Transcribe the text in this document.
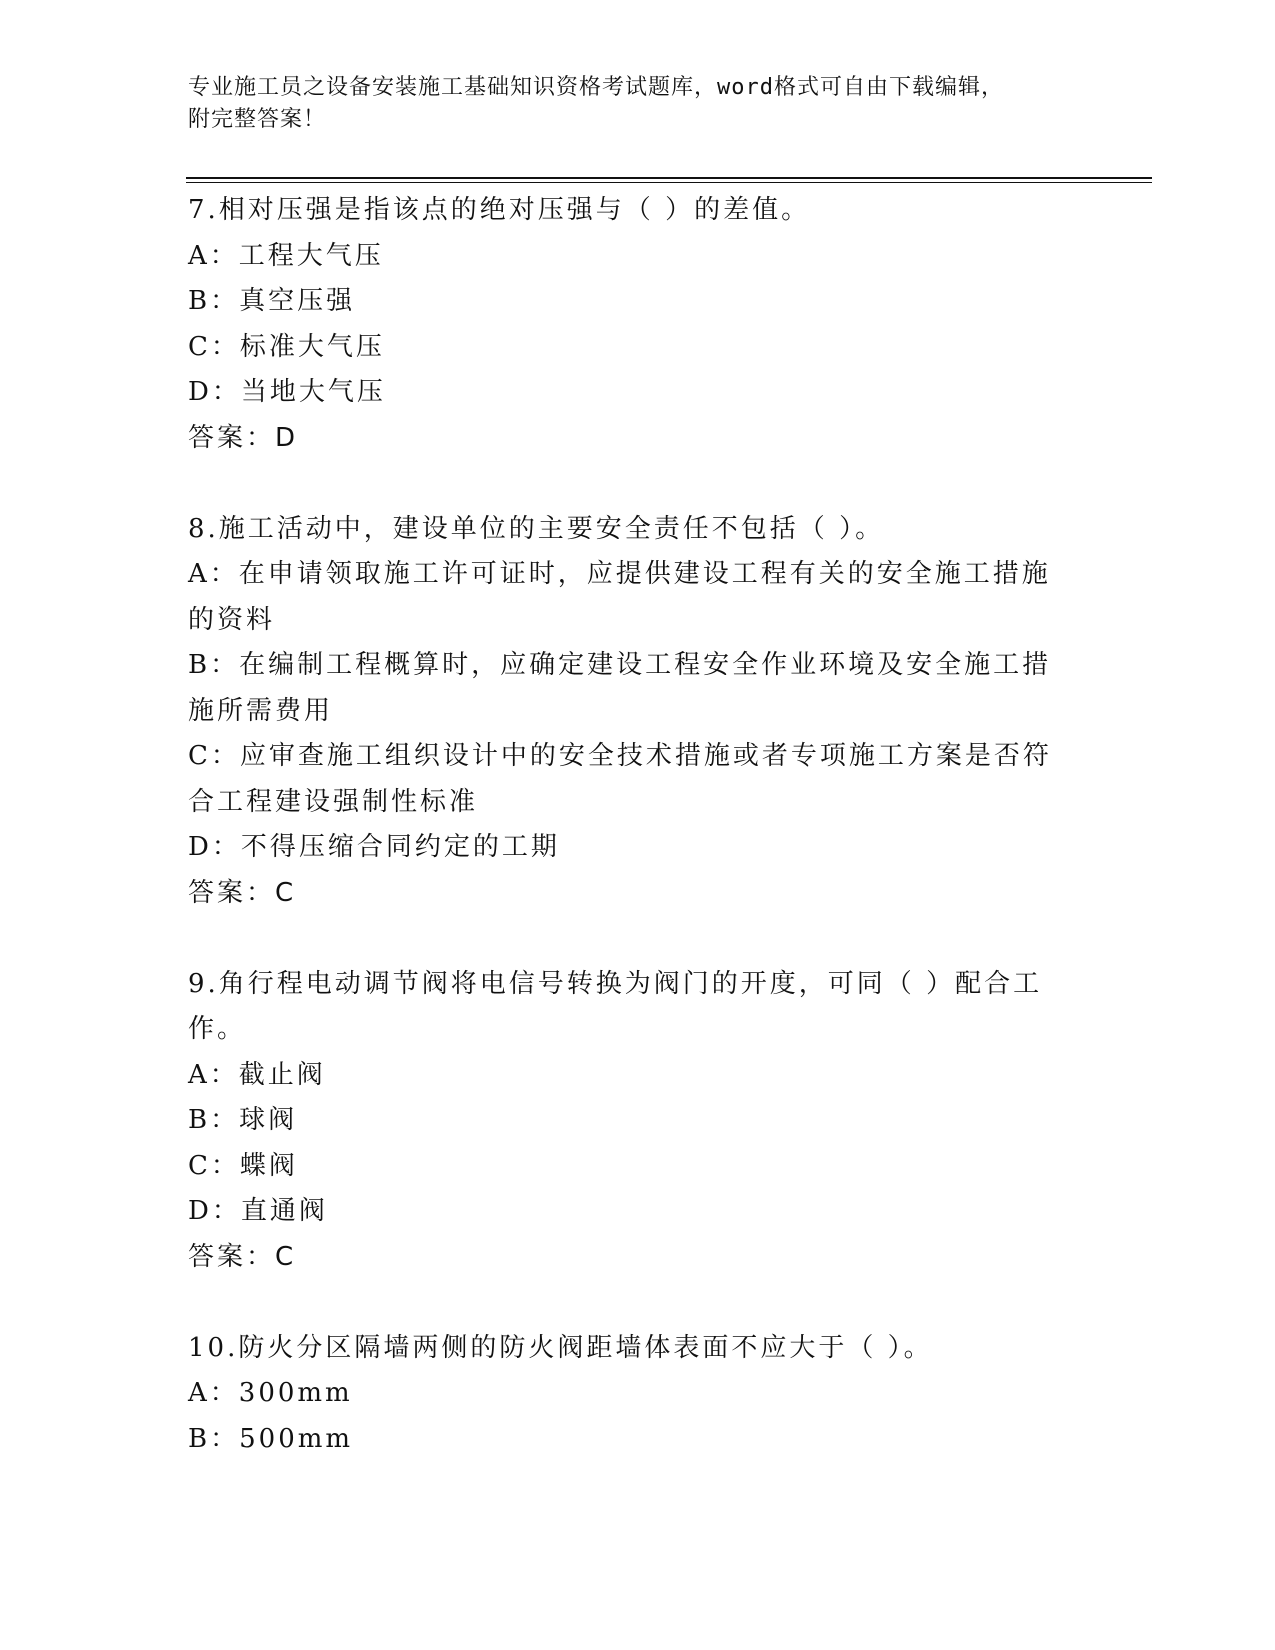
专业施工员之设备安装施工基础知识资格考试题库，word格式可自由下载编辑，
附完整答案！
7.相对压强是指该点的绝对压强与（ ）的差值。
A：工程大气压
B：真空压强
C：标准大气压
D：当地大气压
答案：D
8.施工活动中，建设单位的主要安全责任不包括（ ）。
A：在申请领取施工许可证时，应提供建设工程有关的安全施工措施的资料
B：在编制工程概算时，应确定建设工程安全作业环境及安全施工措施所需费用
C：应审查施工组织设计中的安全技术措施或者专项施工方案是否符合工程建设强制性标准
D：不得压缩合同约定的工期
答案：C
9.角行程电动调节阀将电信号转换为阀门的开度，可同（ ）配合工作。
A：截止阀
B：球阀
C：蝶阀
D：直通阀
答案：C
10.防火分区隔墙两侧的防火阀距墙体表面不应大于（ ）。
A：300mm
B：500mm
